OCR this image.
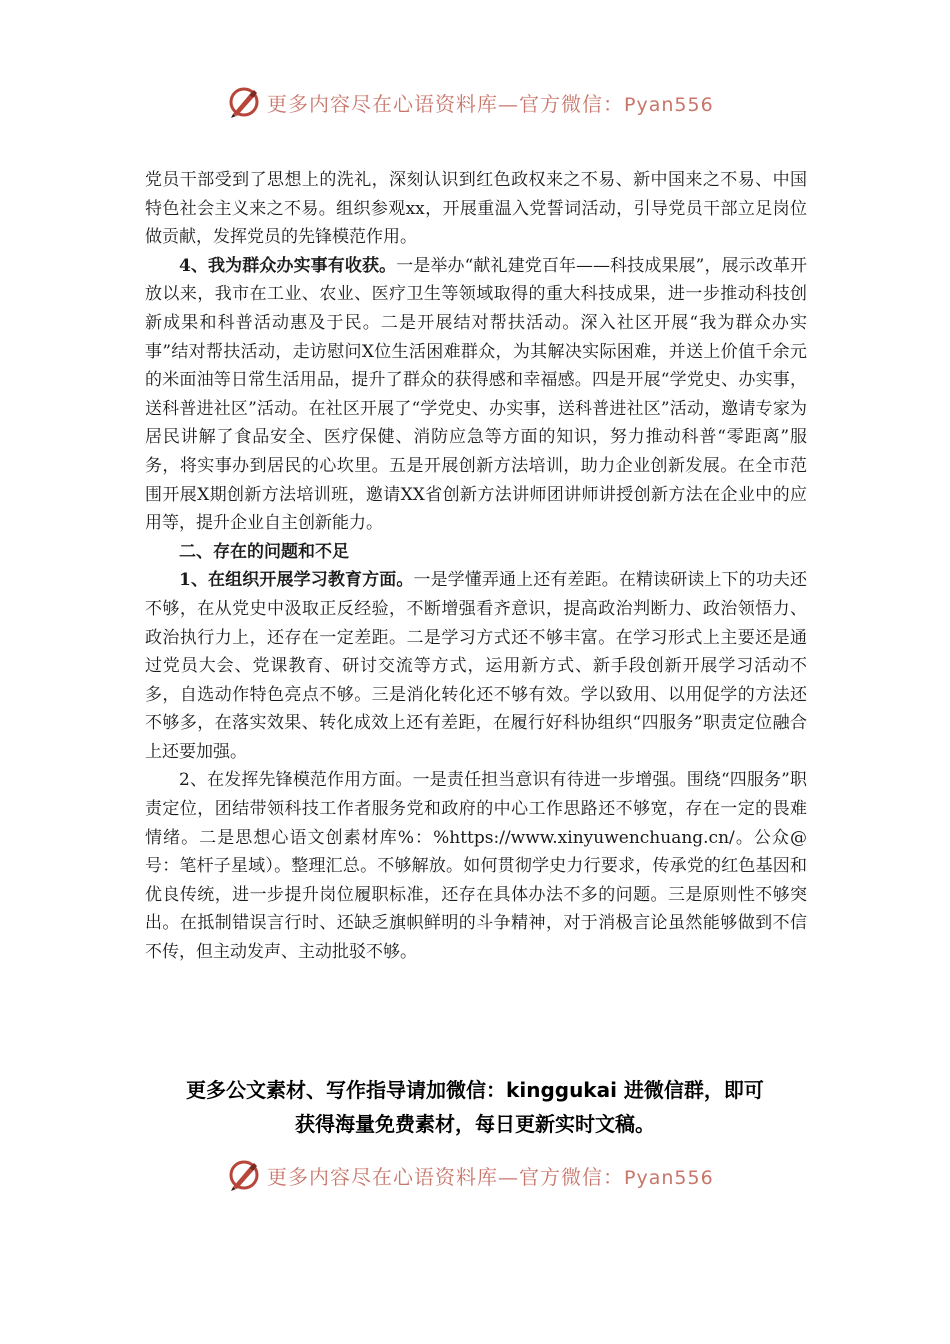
更多内容尽在心语资料库—官方微信：Pyan556

党员干部受到了思想上的洗礼，深刻认识到红色政权来之不易、新中国来之不易、中国特色社会主义来之不易。组织参观xx，开展重温入党誓词活动，引导党员干部立足岗位做贡献，发挥党员的先锋模范作用。

4、我为群众办实事有收获。一是举办“献礼建党百年——科技成果展”，展示改革开放以来，我市在工业、农业、医疗卫生等领域取得的重大科技成果，进一步推动科技创新成果和科普活动惠及于民。二是开展结对帮扶活动。深入社区开展“我为群众办实事”结对帮扶活动，走访慰问X位生活困难群众，为其解决实际困难，并送上价值千余元的米面油等日常生活用品，提升了群众的获得感和幸福感。四是开展“学党史、办实事，送科普进社区”活动。在社区开展了“学党史、办实事，送科普进社区”活动，邀请专家为居民讲解了食品安全、医疗保健、消防应急等方面的知识，努力推动科普“零距离”服务，将实事办到居民的心坎里。五是开展创新方法培训，助力企业创新发展。在全市范围开展X期创新方法培训班，邀请XX省创新方法讲师团讲师讲授创新方法在企业中的应用等，提升企业自主创新能力。

二、存在的问题和不足

1、在组织开展学习教育方面。一是学懂弄通上还有差距。在精读研读上下的功夫还不够，在从党史中汲取正反经验，不断增强看齐意识，提高政治判断力、政治领悟力、政治执行力上，还存在一定差距。二是学习方式还不够丰富。在学习形式上主要还是通过党员大会、党课教育、研讨交流等方式，运用新方式、新手段创新开展学习活动不多，自选动作特色亮点不够。三是消化转化还不够有效。学以致用、以用促学的方法还不够多，在落实效果、转化成效上还有差距，在履行好科协组织“四服务”职责定位融合上还要加强。

2、在发挥先锋模范作用方面。一是责任担当意识有待进一步增强。围绕“四服务”职责定位，团结带领科技工作者服务党和政府的中心工作思路还不够宽，存在一定的畏难情绪。二是思想心语文创素材库%：%https://www.xinyuwenchuang.cn/。公众@号：笔杆子星域）。整理汇总。不够解放。如何贯彻学史力行要求，传承党的红色基因和优良传统，进一步提升岗位履职标准，还存在具体办法不多的问题。三是原则性不够突出。在抵制错误言行时、还缺乏旗帜鲜明的斗争精神，对于消极言论虽然能够做到不信不传，但主动发声、主动批驳不够。

更多公文素材、写作指导请加微信：kinggukai 进微信群，即可
获得海量免费素材，每日更新实时文稿。
更多内容尽在心语资料库—官方微信：Pyan556
